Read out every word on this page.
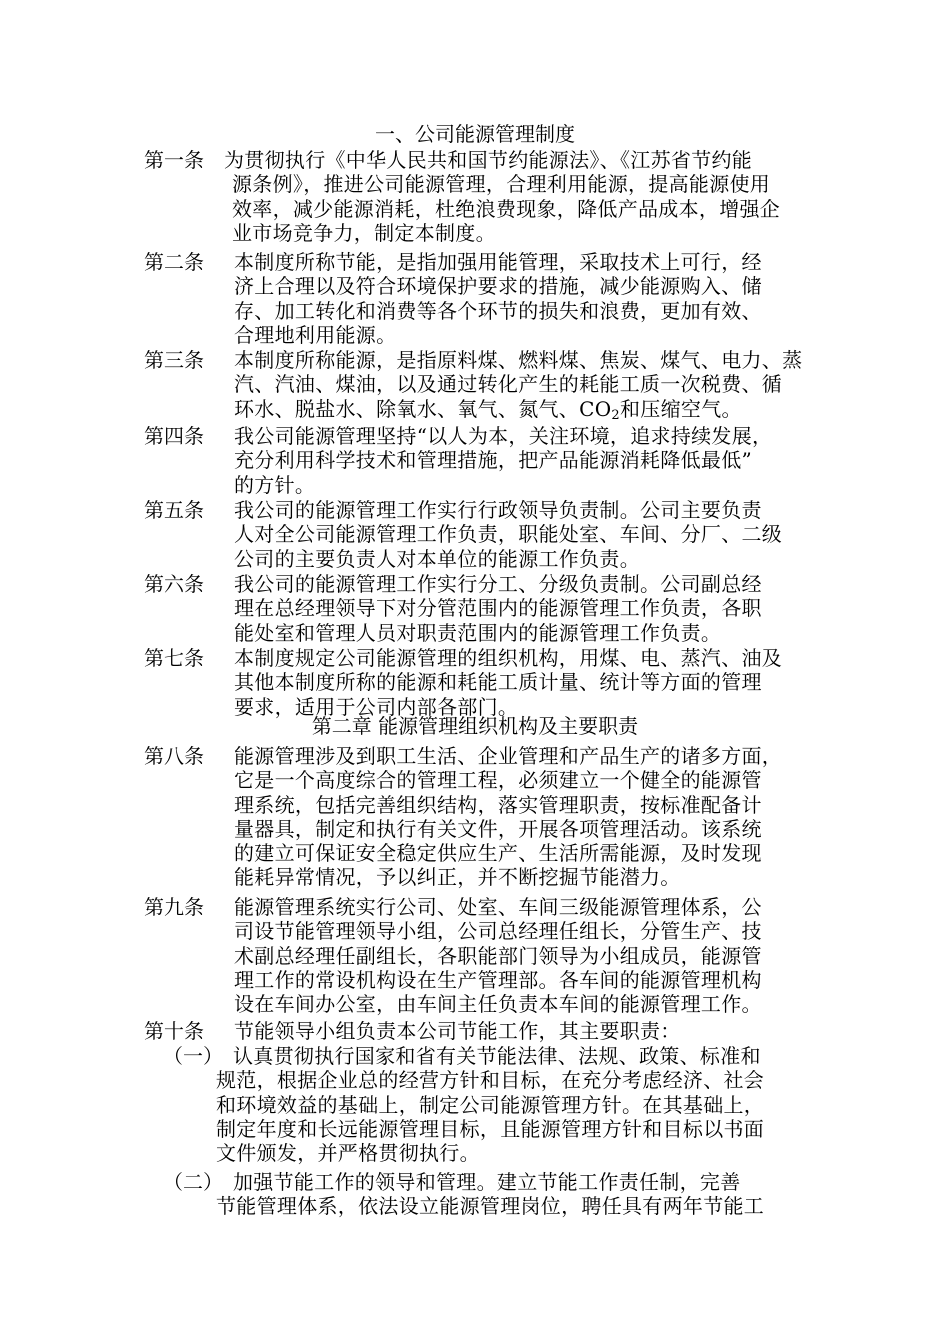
一、公司能源管理制度
第一条 为贯彻执行《中华人民共和国节约能源法》、《江苏省节约能
源条例》，推进公司能源管理，合理利用能源，提高能源使用
效率，减少能源消耗，杜绝浪费现象，降低产品成本，增强企
业市场竞争力，制定本制度。
第二条 本制度所称节能，是指加强用能管理，采取技术上可行，经
济上合理以及符合环境保护要求的措施，减少能源购入、储
存、加工转化和消费等各个环节的损失和浪费，更加有效、
合理地利用能源。
第三条 本制度所称能源，是指原料煤、燃料煤、焦炭、煤气、电力、蒸
汽、汽油、煤油，以及通过转化产生的耗能工质一次税费、循
环水、脱盐水、除氧水、氧气、氮气、$CO_2$和压缩空气。
第四条 我公司能源管理坚持“以人为本，关注环境，追求持续发展，
充分利用科学技术和管理措施，把产品能源消耗降低最低”
的方针。
第五条 我公司的能源管理工作实行行政领导负责制。公司主要负责
人对全公司能源管理工作负责，职能处室、车间、分厂、二级
公司的主要负责人对本单位的能源工作负责。
第六条 我公司的能源管理工作实行分工、分级负责制。公司副总经
理在总经理领导下对分管范围内的能源管理工作负责，各职
能处室和管理人员对职责范围内的能源管理工作负责。
第七条 本制度规定公司能源管理的组织机构，用煤、电、蒸汽、油及
其他本制度所称的能源和耗能工质计量、统计等方面的管理
要求，适用于公司内部各部门。
第二章 能源管理组织机构及主要职责
第八条 能源管理涉及到职工生活、企业管理和产品生产的诸多方面，
它是一个高度综合的管理工程，必须建立一个健全的能源管
理系统，包括完善组织结构，落实管理职责，按标准配备计
量器具，制定和执行有关文件，开展各项管理活动。该系统
的建立可保证安全稳定供应生产、生活所需能源，及时发现
能耗异常情况，予以纠正，并不断挖掘节能潜力。
第九条 能源管理系统实行公司、处室、车间三级能源管理体系，公
司设节能管理领导小组，公司总经理任组长，分管生产、技
术副总经理任副组长，各职能部门领导为小组成员，能源管
理工作的常设机构设在生产管理部。各车间的能源管理机构
设在车间办公室，由车间主任负责本车间的能源管理工作。
第十条 节能领导小组负责本公司节能工作，其主要职责：
（一） 认真贯彻执行国家和省有关节能法律、法规、政策、标准和
规范，根据企业总的经营方针和目标，在充分考虑经济、社会
和环境效益的基础上，制定公司能源管理方针。在其基础上，
制定年度和长远能源管理目标，且能源管理方针和目标以书面
文件颁发，并严格贯彻执行。
（二） 加强节能工作的领导和管理。建立节能工作责任制，完善
节能管理体系，依法设立能源管理岗位，聘任具有两年节能工
